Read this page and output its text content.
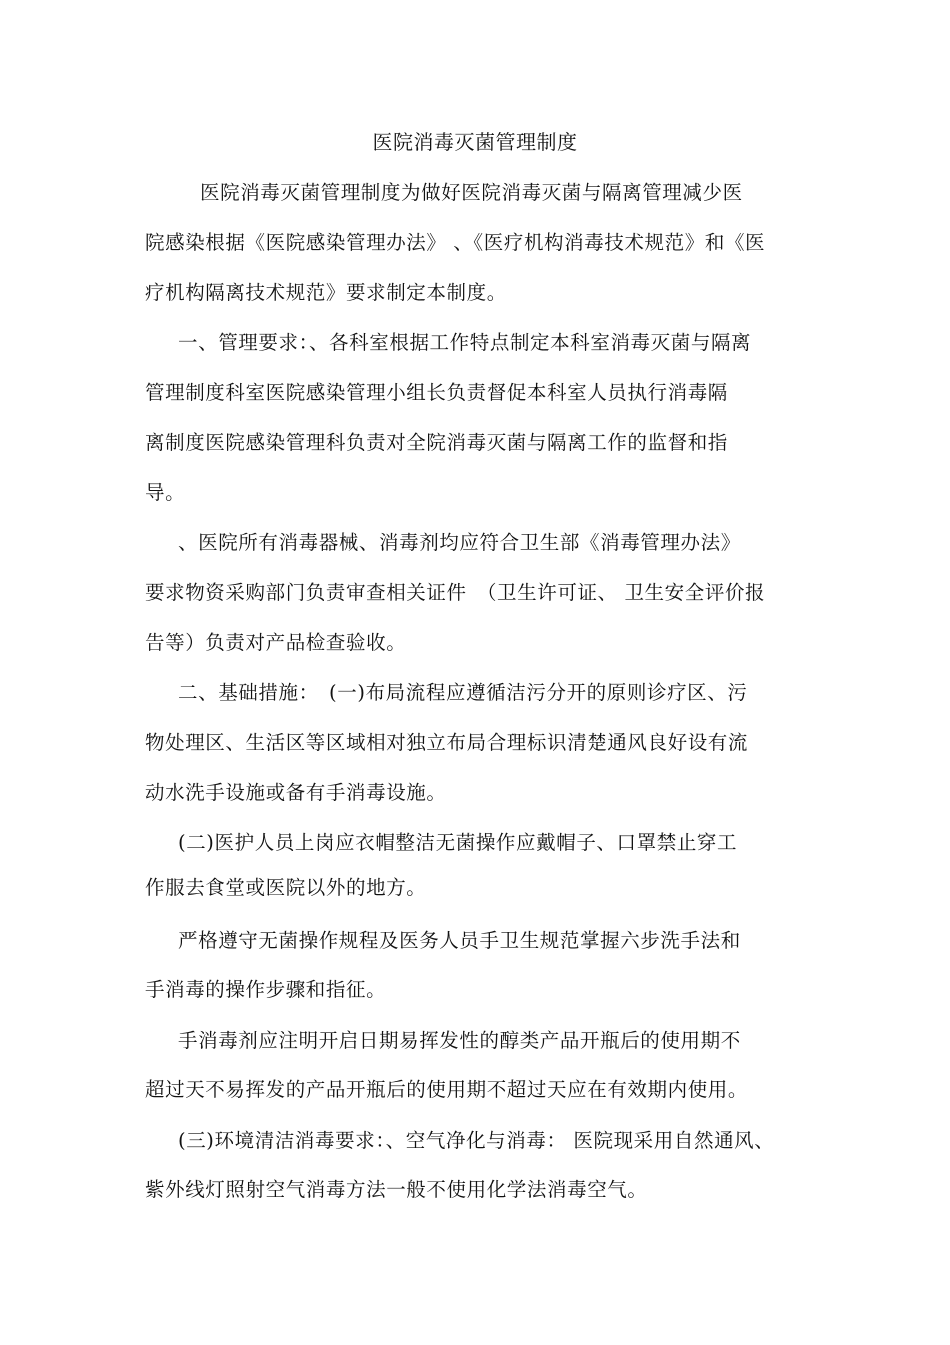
医院消毒灭菌管理制度
医院消毒灭菌管理制度为做好医院消毒灭菌与隔离管理减少医
院感染根据《医院感染管理办法》 、《医疗机构消毒技术规范》和《医
疗机构隔离技术规范》要求制定本制度。
一、管理要求：、各科室根据工作特点制定本科室消毒灭菌与隔离
管理制度科室医院感染管理小组长负责督促本科室人员执行消毒隔
离制度医院感染管理科负责对全院消毒灭菌与隔离工作的监督和指
导。
、医院所有消毒器械、消毒剂均应符合卫生部《消毒管理办法》
要求物资采购部门负责审查相关证件　（卫生许可证、 卫生安全评价报
告等）负责对产品检查验收。
二、基础措施：　(一)布局流程应遵循洁污分开的原则诊疗区、污
物处理区、生活区等区域相对独立布局合理标识清楚通风良好设有流
动水洗手设施或备有手消毒设施。
(二)医护人员上岗应衣帽整洁无菌操作应戴帽子、口罩禁止穿工
作服去食堂或医院以外的地方。
严格遵守无菌操作规程及医务人员手卫生规范掌握六步洗手法和
手消毒的操作步骤和指征。
手消毒剂应注明开启日期易挥发性的醇类产品开瓶后的使用期不
超过天不易挥发的产品开瓶后的使用期不超过天应在有效期内使用。
(三)环境清洁消毒要求：、空气净化与消毒： 医院现采用自然通风、
紫外线灯照射空气消毒方法一般不使用化学法消毒空气。
